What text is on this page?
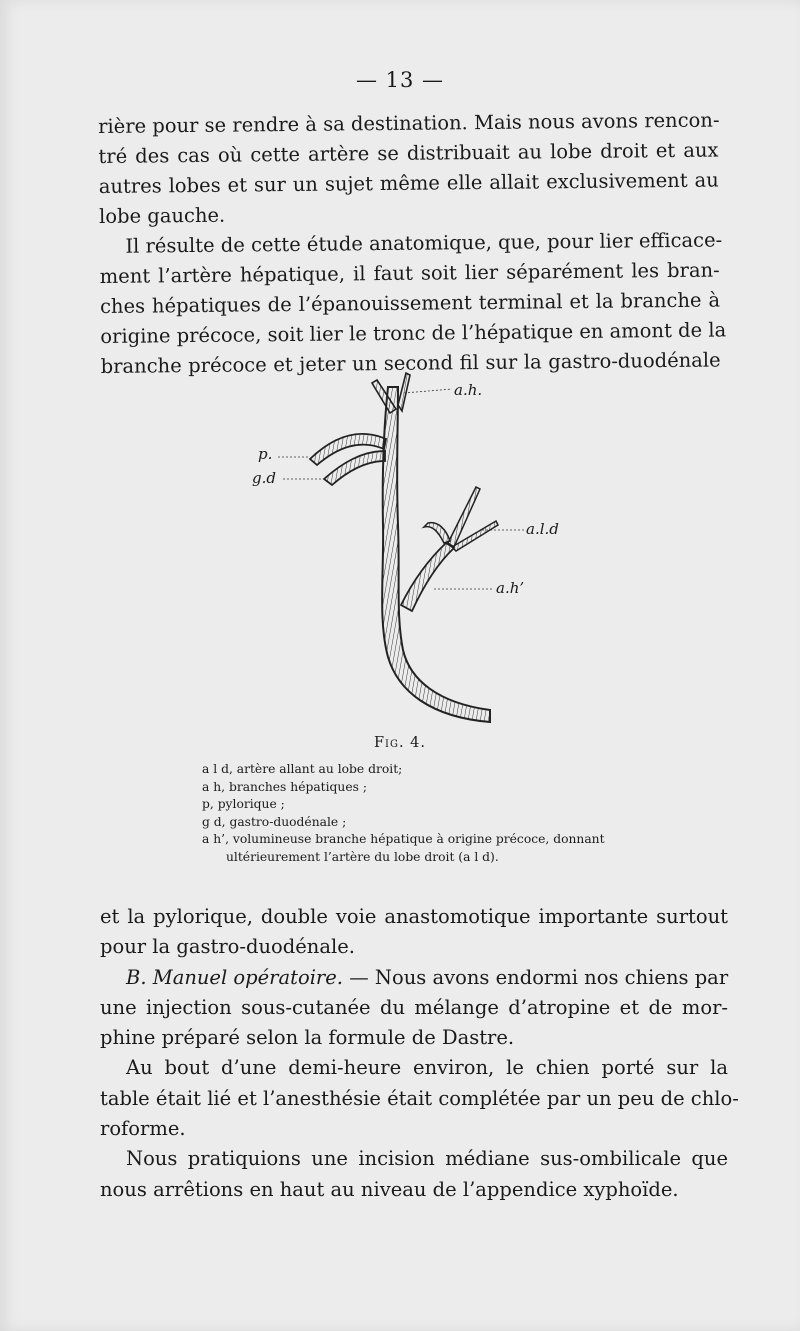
— 13 —
rière pour se rendre à sa destination. Mais nous avons rencon-
tré des cas où cette artère se distribuait au lobe droit et aux
autres lobes et sur un sujet même elle allait exclusivement au
lobe gauche.
Il résulte de cette étude anatomique, que, pour lier efficace-
ment l’artère hépatique, il faut soit lier séparément les bran-
ches hépatiques de l’épanouissement terminal et la branche à
origine précoce, soit lier le tronc de l’hépatique en amont de la
branche précoce et jeter un second fil sur la gastro-duodénale
a.h.
p.
g.d
a.l.d
a.h’
Fig. 4.
a l d, artère allant au lobe droit;
a h, branches hépatiques ;
p, pylorique ;
g d, gastro-duodénale ;
a h’, volumineuse branche hépatique à origine précoce, donnant
ultérieurement l’artère du lobe droit (a l d).
et la pylorique, double voie anastomotique importante surtout
pour la gastro-duodénale.
B. Manuel opératoire. — Nous avons endormi nos chiens par
une injection sous-cutanée du mélange d’atropine et de mor-
phine préparé selon la formule de Dastre.
Au bout d’une demi-heure environ, le chien porté sur la
table était lié et l’anesthésie était complétée par un peu de chlo-
roforme.
Nous pratiquions une incision médiane sus-ombilicale que
nous arrêtions en haut au niveau de l’appendice xyphoïde.
